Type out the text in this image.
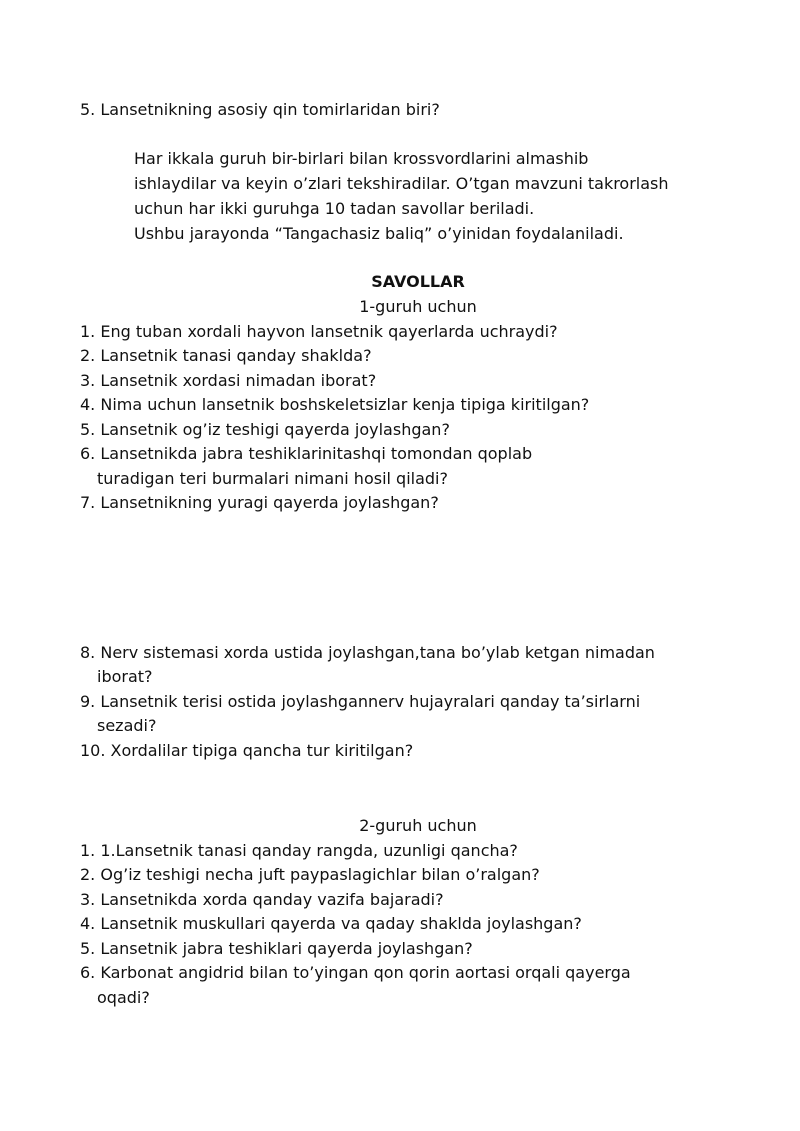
5. Lansetnikning asosiy qin tomirlaridan biri?

Har ikkala guruh bir-birlari bilan krossvordlarini almashib

ishlaydilar va keyin o’zlari tekshiradilar. O’tgan mavzuni takrorlash

uchun har ikki guruhga 10 tadan savollar beriladi.

Ushbu jarayonda “Tangachasiz baliq” o’yinidan foydalaniladi.

SAVOLLAR

1-guruh uchun

1. Eng tuban xordali hayvon lansetnik qayerlarda uchraydi?

2. Lansetnik tanasi qanday shaklda?

3. Lansetnik xordasi nimadan iborat?

4. Nima uchun lansetnik boshskeletsizlar kenja tipiga kiritilgan?

5. Lansetnik og’iz teshigi qayerda joylashgan?

6. Lansetnikda jabra teshiklarinitashqi tomondan qoplab

turadigan teri burmalari nimani hosil qiladi?

7. Lansetnikning yuragi qayerda joylashgan?

8. Nerv sistemasi xorda ustida joylashgan,tana bo’ylab ketgan nimadan

iborat?

9. Lansetnik terisi ostida joylashgannerv hujayralari qanday ta’sirlarni

sezadi?

10. Xordalilar tipiga qancha tur kiritilgan?

2-guruh uchun

1. 1.Lansetnik tanasi qanday rangda, uzunligi qancha?

2. Og’iz teshigi necha juft paypaslagichlar bilan o’ralgan?

3. Lansetnikda xorda qanday vazifa bajaradi?

4. Lansetnik muskullari qayerda va qaday shaklda joylashgan?

5. Lansetnik jabra teshiklari qayerda joylashgan?

6. Karbonat angidrid bilan to’yingan qon qorin aortasi orqali qayerga

oqadi?
